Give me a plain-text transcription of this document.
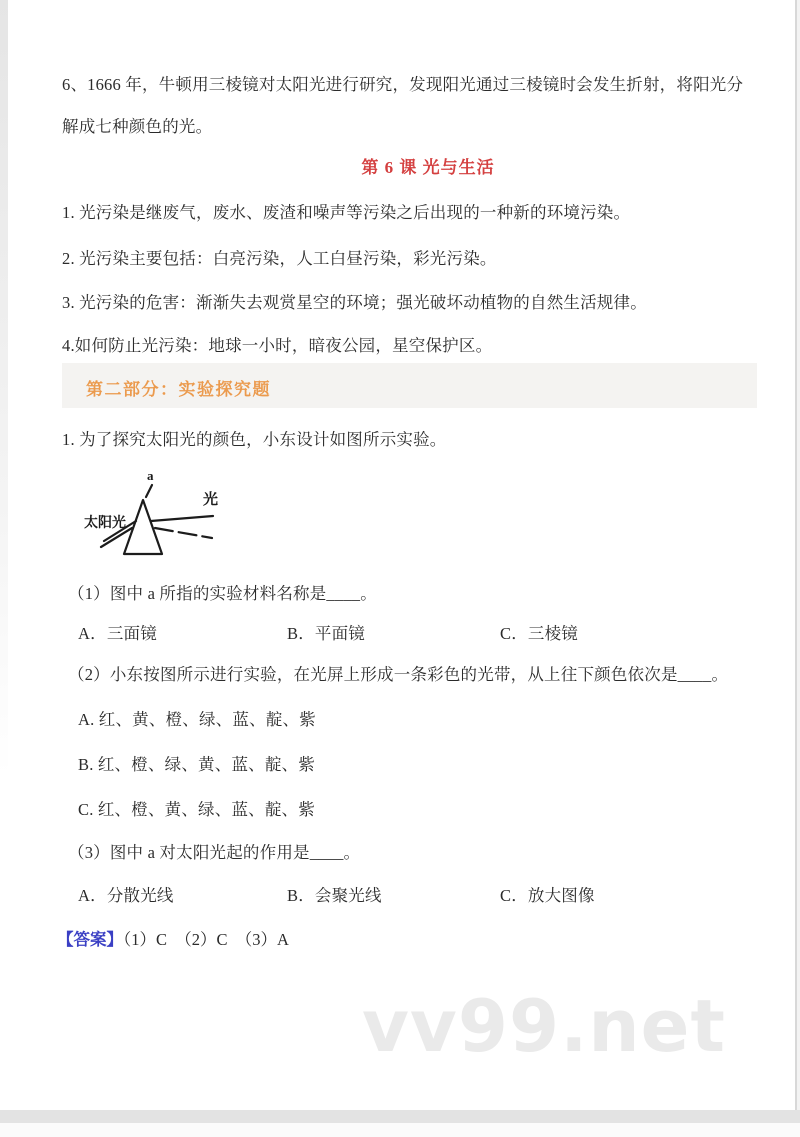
vv99.net
6、1666 年，牛顿用三棱镜对太阳光进行研究，发现阳光通过三棱镜时会发生折射，将阳光分
解成七种颜色的光。
第 6 课 光与生活
1. 光污染是继废气，废水、废渣和噪声等污染之后出现的一种新的环境污染。
2. 光污染主要包括：白亮污染，人工白昼污染，彩光污染。
3. 光污染的危害：渐渐失去观赏星空的环境；强光破坏动植物的自然生活规律。
4.如何防止光污染：地球一小时，暗夜公园，星空保护区。
第二部分：实验探究题
1. 为了探究太阳光的颜色，小东设计如图所示实验。
a
太阳光
光
（1）图中 a 所指的实验材料名称是____。
A．三面镜	B．平面镜	C．三棱镜
（2）小东按图所示进行实验，在光屏上形成一条彩色的光带，从上往下颜色依次是____。
A. 红、黄、橙、绿、蓝、靛、紫
B. 红、橙、绿、黄、蓝、靛、紫
C. 红、橙、黄、绿、蓝、靛、紫
（3）图中 a 对太阳光起的作用是____。
A．分散光线	B．会聚光线	C．放大图像
【答案】（1）C  （2）C  （3）A
